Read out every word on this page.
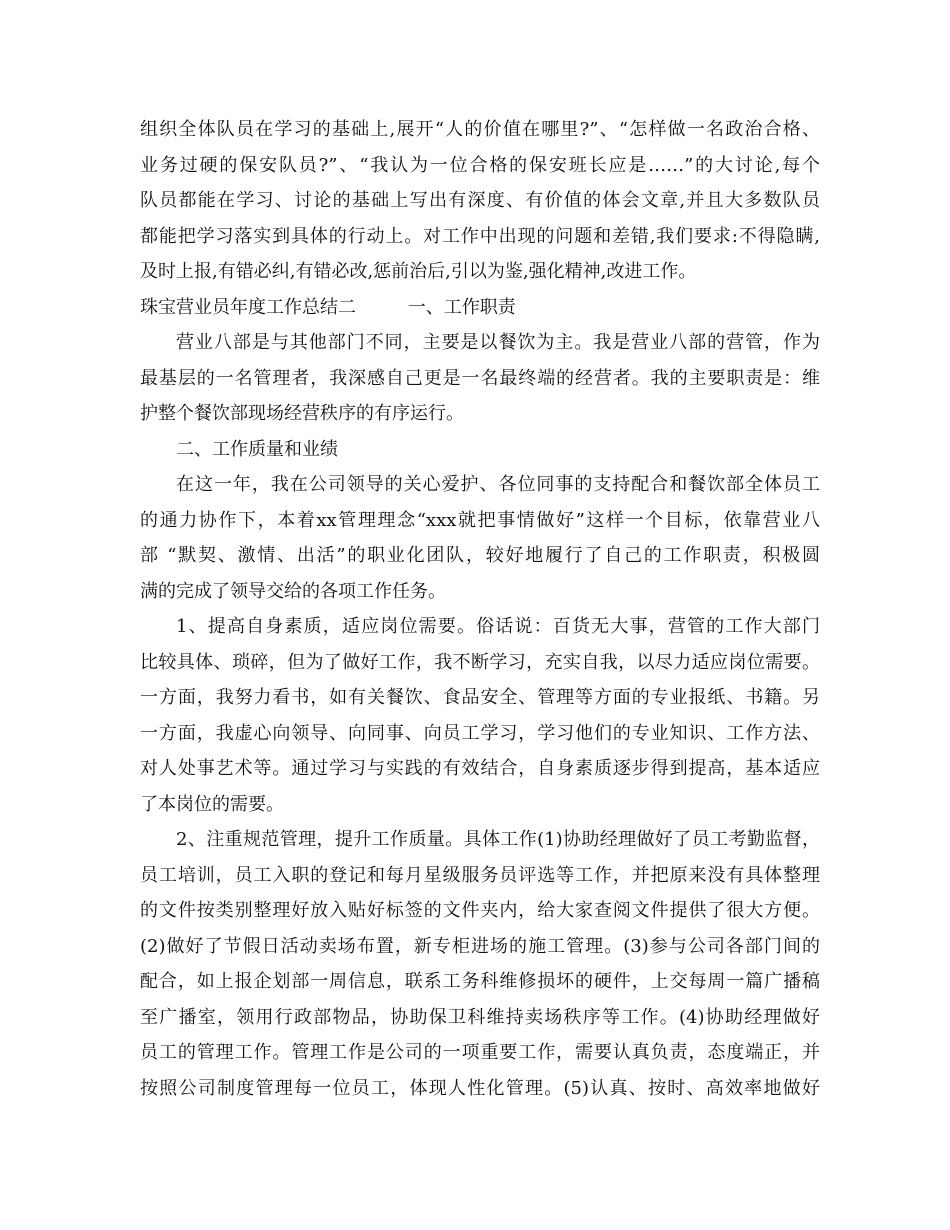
组织全体队员在学习的基础上,展开“人的价值在哪里?”、“怎样做一名政治合格、
业务过硬的保安队员?”、“我认为一位合格的保安班长应是……”的大讨论,每个
队员都能在学习、讨论的基础上写出有深度、有价值的体会文章,并且大多数队员
都能把学习落实到具体的行动上。对工作中出现的问题和差错,我们要求:不得隐瞒,
及时上报,有错必纠,有错必改,惩前治后,引以为鉴,强化精神,改进工作。
珠宝营业员年度工作总结二	一、工作职责
营业八部是与其他部门不同，主要是以餐饮为主。我是营业八部的营管，作为
最基层的一名管理者，我深感自己更是一名最终端的经营者。我的主要职责是：维
护整个餐饮部现场经营秩序的有序运行。
二、工作质量和业绩
在这一年，我在公司领导的关心爱护、各位同事的支持配合和餐饮部全体员工
的通力协作下，本着xx管理理念“xxx就把事情做好”这样一个目标，依靠营业八
部 “默契、激情、出活”的职业化团队，较好地履行了自己的工作职责，积极圆
满的完成了领导交给的各项工作任务。
1、提高自身素质，适应岗位需要。俗话说：百货无大事，营管的工作大部门
比较具体、琐碎，但为了做好工作，我不断学习，充实自我，以尽力适应岗位需要。
一方面，我努力看书，如有关餐饮、食品安全、管理等方面的专业报纸、书籍。另
一方面，我虚心向领导、向同事、向员工学习，学习他们的专业知识、工作方法、
对人处事艺术等。通过学习与实践的有效结合，自身素质逐步得到提高，基本适应
了本岗位的需要。
2、注重规范管理，提升工作质量。具体工作(1)协助经理做好了员工考勤监督，
员工培训，员工入职的登记和每月星级服务员评选等工作，并把原来没有具体整理
的文件按类别整理好放入贴好标签的文件夹内，给大家查阅文件提供了很大方便。
(2)做好了节假日活动卖场布置，新专柜进场的施工管理。(3)参与公司各部门间的
配合，如上报企划部一周信息，联系工务科维修损坏的硬件，上交每周一篇广播稿
至广播室，领用行政部物品，协助保卫科维持卖场秩序等工作。(4)协助经理做好
员工的管理工作。管理工作是公司的一项重要工作，需要认真负责，态度端正，并
按照公司制度管理每一位员工，体现人性化管理。(5)认真、按时、高效率地做好
